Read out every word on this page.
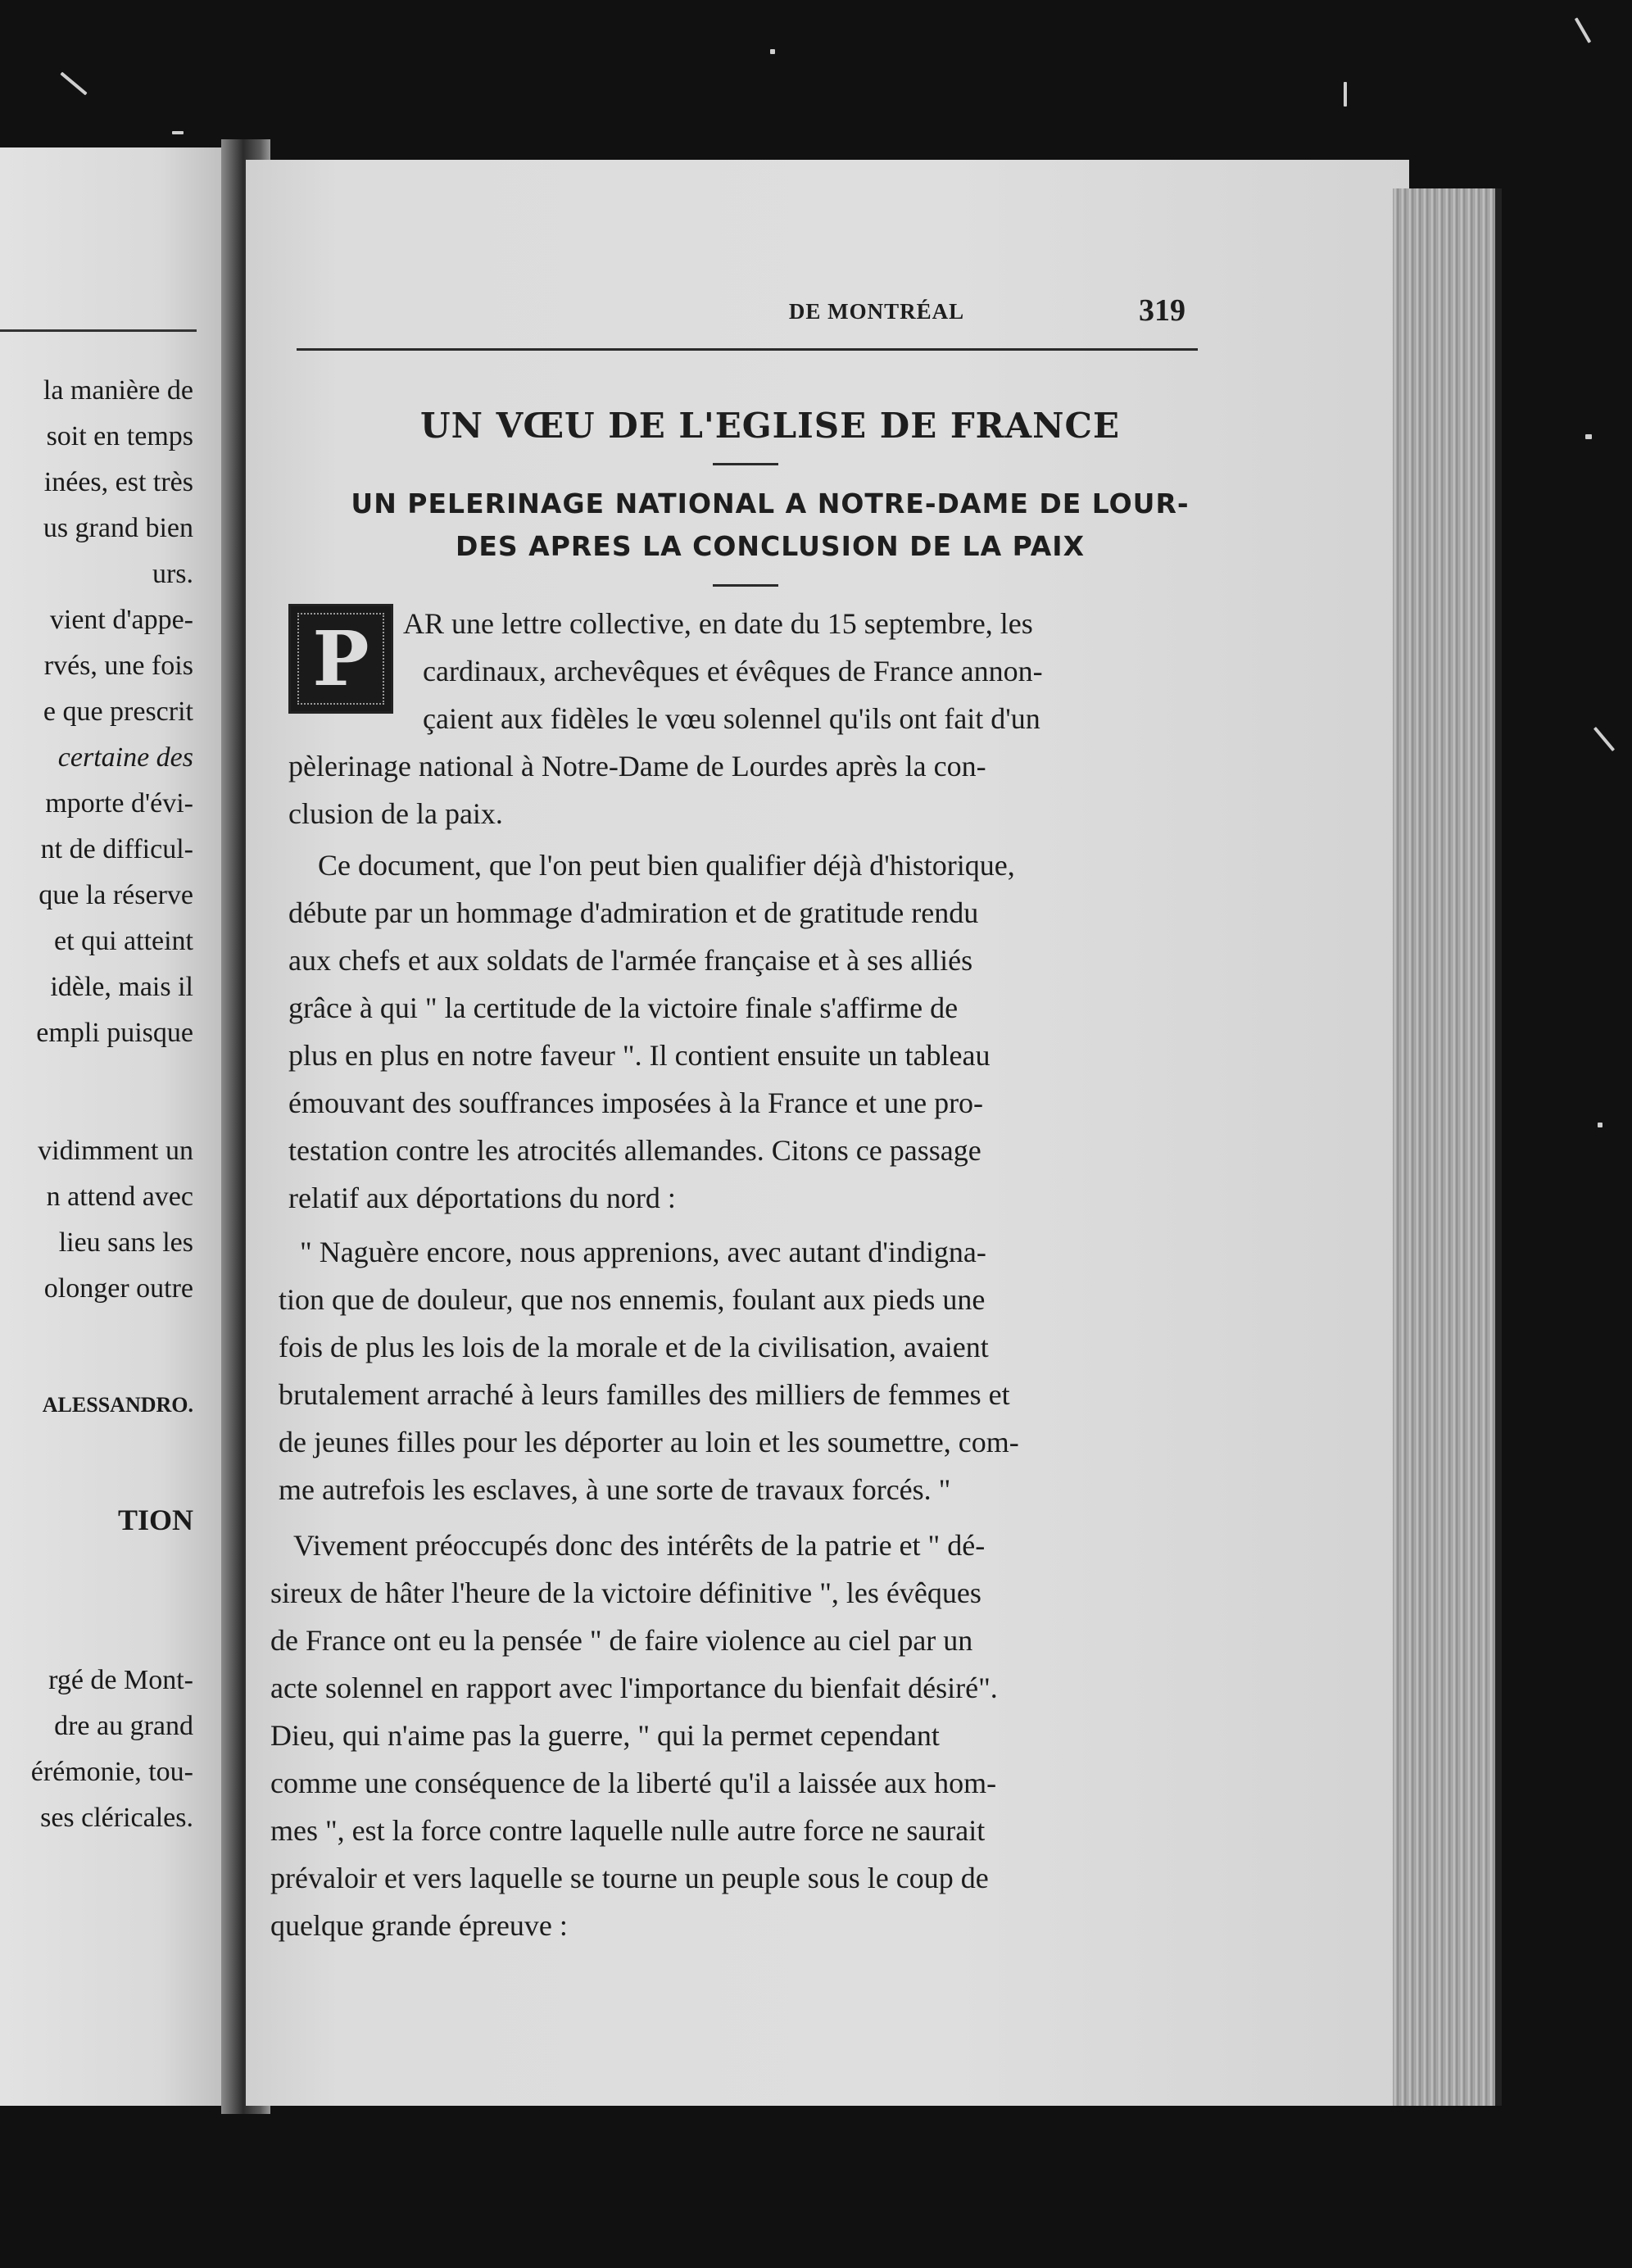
la manière de
soit en temps
inées, est très
us grand bien
urs.
vient d'appe-
rvés, une fois
e que prescrit
certaine des
mporte d'évi-
nt de difficul-
que la réserve
et qui atteint
idèle, mais il
empli puisque
vidimment un
n attend avec
lieu sans les
olonger outre
ALESSANDRO.
TION
rgé de Mont-
dre au grand
érémonie, tou-
ses cléricales.
DE MONTRÉAL	319
UN VŒU DE L'EGLISE DE FRANCE
UN PELERINAGE NATIONAL A NOTRE-DAME DE LOUR-
DES APRES LA CONCLUSION DE LA PAIX
P	AR une lettre collective, en date du 15 septembre, les
cardinaux, archevêques et évêques de France annon-
çaient aux fidèles le vœu solennel qu'ils ont fait d'un
pèlerinage national à Notre-Dame de Lourdes après la con-
clusion de la paix.
Ce document, que l'on peut bien qualifier déjà d'historique,
débute par un hommage d'admiration et de gratitude rendu
aux chefs et aux soldats de l'armée française et à ses alliés
grâce à qui " la certitude de la victoire finale s'affirme de
plus en plus en notre faveur ". Il contient ensuite un tableau
émouvant des souffrances imposées à la France et une pro-
testation contre les atrocités allemandes. Citons ce passage
relatif aux déportations du nord :
" Naguère encore, nous apprenions, avec autant d'indigna-
tion que de douleur, que nos ennemis, foulant aux pieds une
fois de plus les lois de la morale et de la civilisation, avaient
brutalement arraché à leurs familles des milliers de femmes et
de jeunes filles pour les déporter au loin et les soumettre, com-
me autrefois les esclaves, à une sorte de travaux forcés. "
Vivement préoccupés donc des intérêts de la patrie et " dé-
sireux de hâter l'heure de la victoire définitive ", les évêques
de France ont eu la pensée " de faire violence au ciel par un
acte solennel en rapport avec l'importance du bienfait désiré".
Dieu, qui n'aime pas la guerre, " qui la permet cependant
comme une conséquence de la liberté qu'il a laissée aux hom-
mes ", est la force contre laquelle nulle autre force ne saurait
prévaloir et vers laquelle se tourne un peuple sous le coup de
quelque grande épreuve :
